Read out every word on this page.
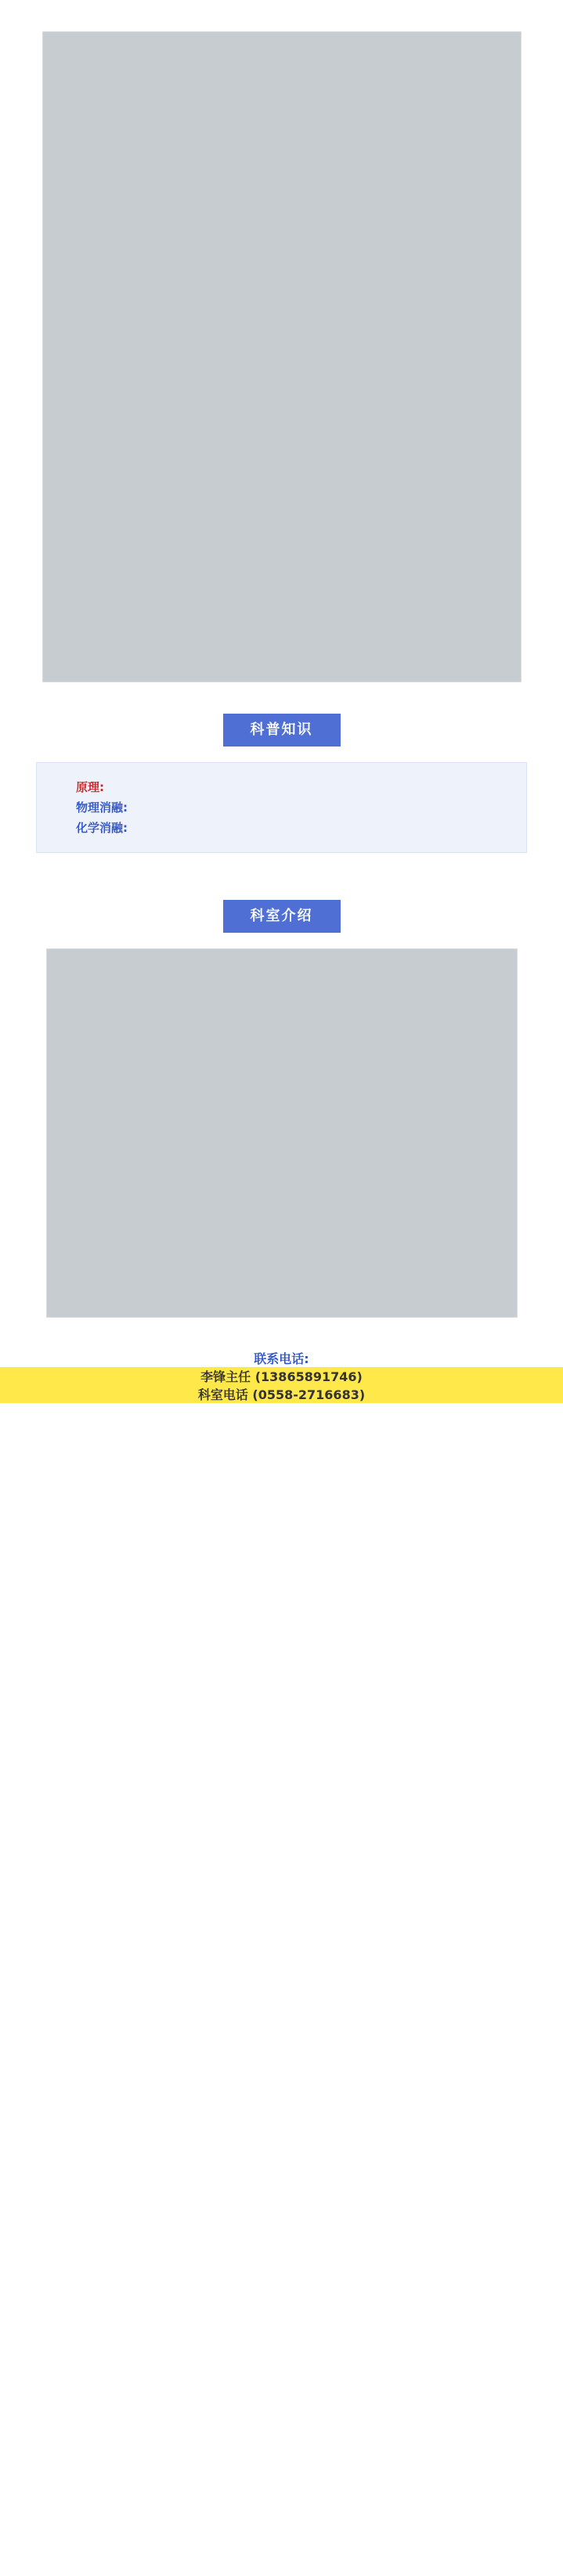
科普知识

原理:

物理消融:

化学消融:

科室介绍

联系电话:
李锋主任 (13865891746)
科室电话 (0558-2716683)
